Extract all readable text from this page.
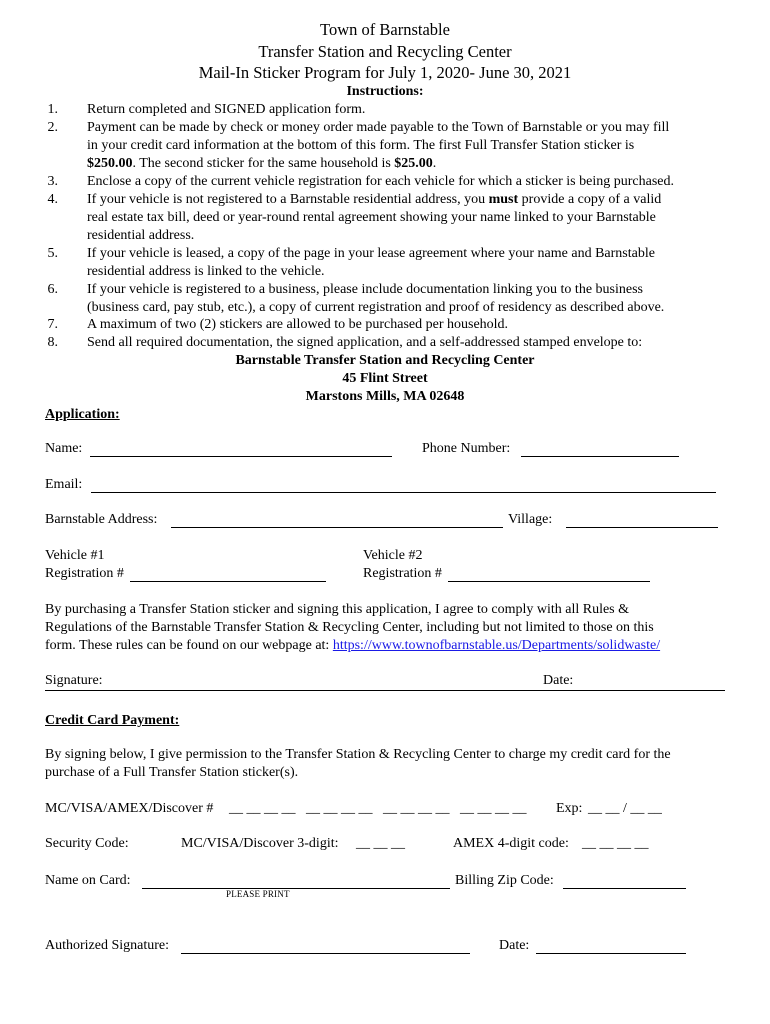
Town of Barnstable
Transfer Station and Recycling Center
Mail-In Sticker Program for July 1, 2020- June 30, 2021
Instructions:
1. Return completed and SIGNED application form.
2. Payment can be made by check or money order made payable to the Town of Barnstable or you may fill
in your credit card information at the bottom of this form. The first Full Transfer Station sticker is
$250.00. The second sticker for the same household is $25.00.
3. Enclose a copy of the current vehicle registration for each vehicle for which a sticker is being purchased.
4. If your vehicle is not registered to a Barnstable residential address, you must provide a copy of a valid
real estate tax bill, deed or year-round rental agreement showing your name linked to your Barnstable
residential address.
5. If your vehicle is leased, a copy of the page in your lease agreement where your name and Barnstable
residential address is linked to the vehicle.
6. If your vehicle is registered to a business, please include documentation linking you to the business
(business card, pay stub, etc.), a copy of current registration and proof of residency as described above.
7. A maximum of two (2) stickers are allowed to be purchased per household.
8. Send all required documentation, the signed application, and a self-addressed stamped envelope to:
Barnstable Transfer Station and Recycling Center
45 Flint Street
Marstons Mills, MA 02648
Application:
Name:	Phone Number:
Email:
Barnstable Address:	Village:
Vehicle #1	Vehicle #2
Registration #	Registration #
By purchasing a Transfer Station sticker and signing this application, I agree to comply with all Rules &
Regulations of the Barnstable Transfer Station & Recycling Center, including but not limited to those on this
form. These rules can be found on our webpage at: https://www.townofbarnstable.us/Departments/solidwaste/
Signature:	Date:
Credit Card Payment:
By signing below, I give permission to the Transfer Station & Recycling Center to charge my credit card for the
purchase of a Full Transfer Station sticker(s).
MC/VISA/AMEX/Discover # __ __ __ __   __ __ __ __   __ __ __ __   __ __ __ __ Exp: __ __ / __ __
Security Code:	MC/VISA/Discover 3-digit: __ __ __	AMEX 4-digit code: __ __ __ __
Name on Card:
PLEASE PRINT
Billing Zip Code:
Authorized Signature:	Date:
